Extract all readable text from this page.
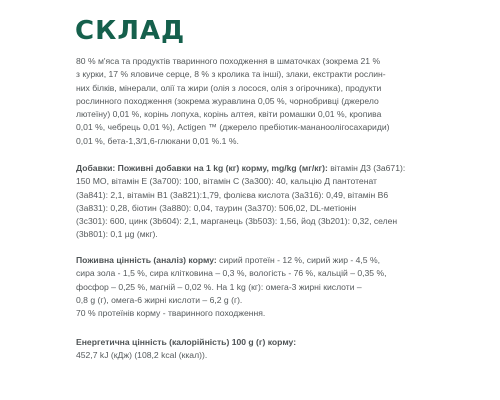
СКЛАД
80 % м'яса та продуктів тваринного походження в шматочках (зокрема 21 %
з курки, 17 % яловиче серце, 8 % з кролика та інші), злаки, екстракти рослин-
них білків, мінерали, олії та жири (олія з лосося, олія з огірочника), продукти
рослинного походження (зокрема журавлина 0,05 %, чорнобривці (джерело
лютеїну) 0,01 %, корінь лопуха, корінь алтея, квіти ромашки 0,01 %, кропива
0,01 %, чебрець 0,01 %), Actigen ™ (джерело пребіотик-мананоолігосахариди)
0,01 %, бета-1,3/1,6-глюкани 0,01 %.1 %.
Добавки: Поживні добавки на 1 kg (кг) корму, mg/kg (мг/кг): вітамін Д3 (3а671):
150 МО, вітамін Е (3а700): 100, вітамін С (3а300): 40, кальцію Д пантотенат
(3а841): 2,1, вітамін В1 (3а821):1,79, фолієва кислота (3а316): 0,49, вітамін В6
(3а831): 0,28, біотин (3а880): 0,04, таурин (3а370): 506,02, DL-метіонін
(3с301): 600, цинк (3b604): 2,1, марганець (3b503): 1,56, йод (3b201): 0,32, селен
(3b801): 0,1 µg (мкг).
Поживна цінність (аналіз) корму: сирий протеїн - 12 %, сирий жир - 4,5 %,
сира зола - 1,5 %, сира клітковина – 0,3 %, вологість - 76 %, кальцій – 0,35 %,
фосфор – 0,25 %, магній – 0,02 %. На 1 kg (кг): омега-3 жирні кислоти –
0,8 g (г), омега-6 жирні кислоти – 6,2 g (г).
70 % протеїнів корму - тваринного походження.
Енергетична цінність (калорійність) 100 g (г) корму:
452,7 kJ (кДж) (108,2 kcal (ккал)).
